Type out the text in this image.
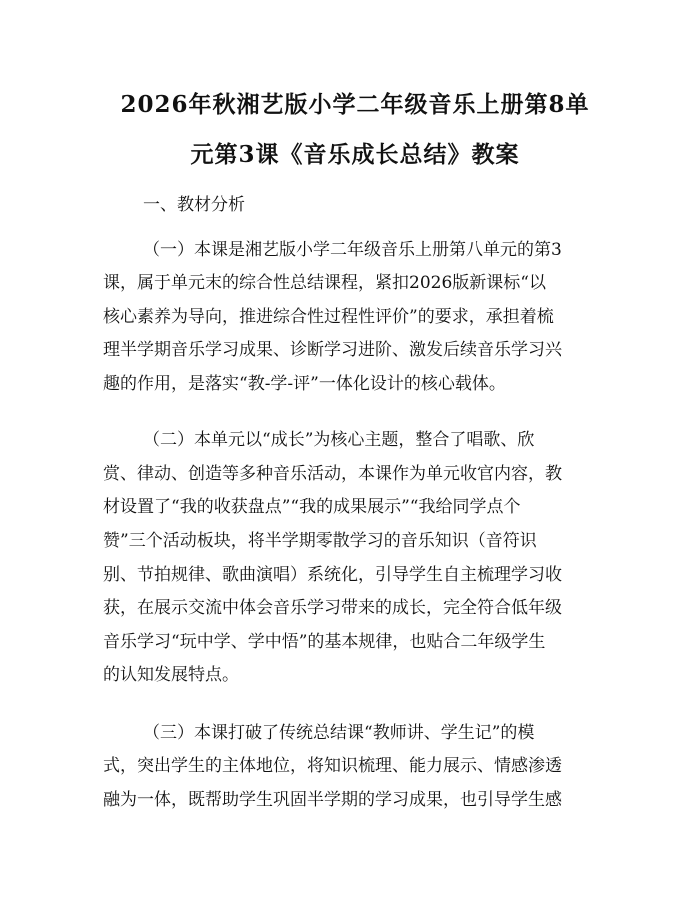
2026年秋湘艺版小学二年级音乐上册第8单
元第3课《音乐成长总结》教案
一、教材分析
（一）本课是湘艺版小学二年级音乐上册第八单元的第3
课，属于单元末的综合性总结课程，紧扣2026版新课标“以
核心素养为导向，推进综合性过程性评价”的要求，承担着梳
理半学期音乐学习成果、诊断学习进阶、激发后续音乐学习兴
趣的作用，是落实“教-学-评”一体化设计的核心载体。
（二）本单元以“成长”为核心主题，整合了唱歌、欣
赏、律动、创造等多种音乐活动，本课作为单元收官内容，教
材设置了“我的收获盘点”“我的成果展示”“我给同学点个
赞”三个活动板块，将半学期零散学习的音乐知识（音符识
别、节拍规律、歌曲演唱）系统化，引导学生自主梳理学习收
获，在展示交流中体会音乐学习带来的成长，完全符合低年级
音乐学习“玩中学、学中悟”的基本规律，也贴合二年级学生
的认知发展特点。
（三）本课打破了传统总结课“教师讲、学生记”的模
式，突出学生的主体地位，将知识梳理、能力展示、情感渗透
融为一体，既帮助学生巩固半学期的学习成果，也引导学生感
